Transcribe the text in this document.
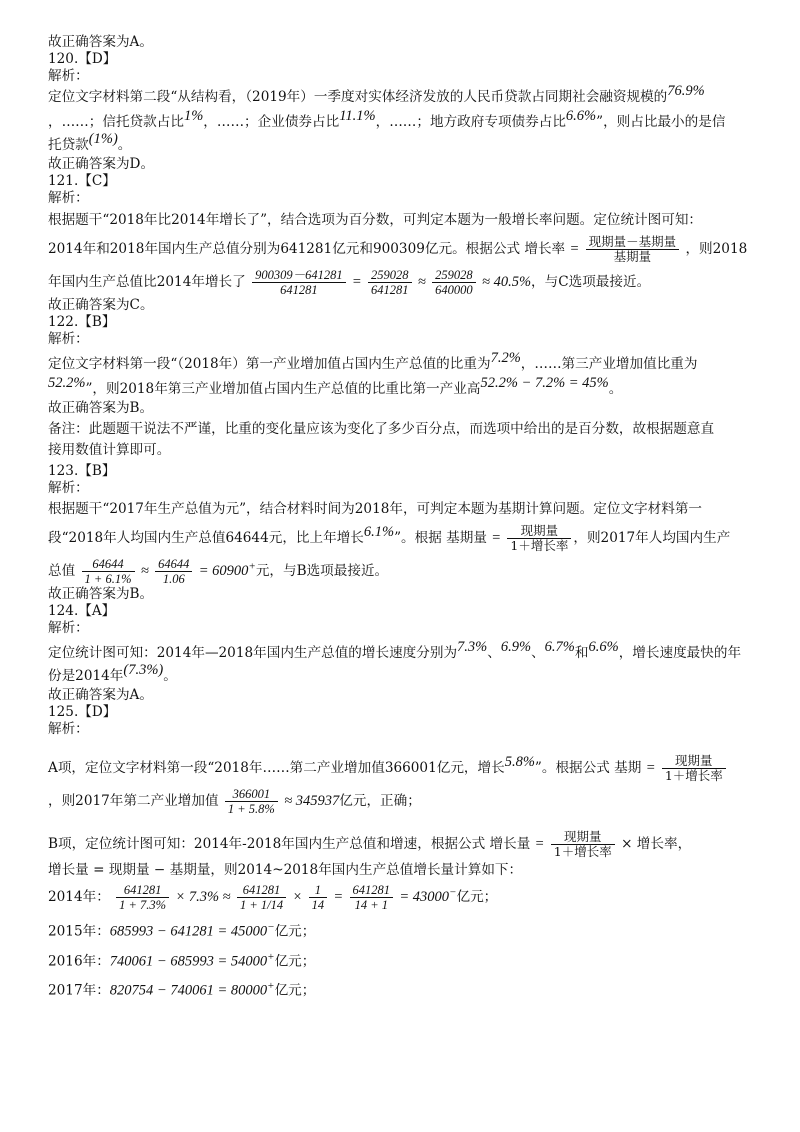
故正确答案为A。
120.【D】
解析：
定位文字材料第二段“从结构看，（2019年）一季度对实体经济发放的人民币贷款占同期社会融资规模的76.9%
，……；信托贷款占比1%，……；企业债券占比11.1%，……；地方政府专项债券占比6.6%”，则占比最小的是信
托贷款(1%)。
故正确答案为D。
121.【C】
解析：
根据题干“2018年比2014年增长了”，结合选项为百分数，可判定本题为一般增长率问题。定位统计图可知：
2014年和2018年国内生产总值分别为641281亿元和900309亿元。根据公式 增长率 = $\frac{\text{现期量－基期量}}{\text{基期量}}$ ，则2018
年国内生产总值比2014年增长了 $\frac{900309-641281}{641281} = \frac{259028}{641281} \approx \frac{259028}{640000} \approx 40.5\%$，与C选项最接近。
故正确答案为C。
122.【B】
解析：
定位文字材料第一段“（2018年）第一产业增加值占国内生产总值的比重为7.2%，……第三产业增加值比重为
52.2%”，则2018年第三产业增加值占国内生产总值的比重比第一产业高52.2% − 7.2% = 45%。
故正确答案为B。
备注：此题题干说法不严谨，比重的变化量应该为变化了多少百分点，而选项中给出的是百分数，故根据题意直
接用数值计算即可。
123.【B】
解析：
根据题干“2017年生产总值为元”，结合材料时间为2018年，可判定本题为基期计算问题。定位文字材料第一
段“2018年人均国内生产总值64644元，比上年增长6.1%”。根据 基期量 = $\frac{\text{现期量}}{\text{1＋增长率}}$ ，则2017年人均国内生产
总值 $\frac{64644}{1 + 6.1\%} \approx \frac{64644}{1.06} = 60900^+$元，与B选项最接近。
故正确答案为B。
124.【A】
解析：
定位统计图可知：2014年—2018年国内生产总值的增长速度分别为7.3%、6.9%、6.7%和6.6%，增长速度最快的年
份是2014年(7.3%)。
故正确答案为A。
125.【D】
解析：
A项，定位文字材料第一段“2018年……第二产业增加值366001亿元，增长5.8%”。根据公式 基期 = $\frac{\text{现期量}}{\text{1＋增长率}}$
，则2017年第二产业增加值 $\frac{366001}{1 + 5.8\%} \approx 345937$亿元，正确；
B项，定位统计图可知：2014年-2018年国内生产总值和增速，根据公式 增长量 = $\frac{\text{现期量}}{\text{1＋增长率}}$ × 增长率，
增长量 = 现期量 − 基期量，则2014~2018年国内生产总值增长量计算如下：
2014年： $\frac{641281}{1 + 7.3\%} \times 7.3\% \approx \frac{641281}{1 + 1/14} \times \frac{1}{14} = \frac{641281}{14 + 1} = 43000^-$亿元；
2015年：685993 − 641281 = 45000−亿元；
2016年：740061 − 685993 = 54000+亿元；
2017年：820754 − 740061 = 80000+亿元；
